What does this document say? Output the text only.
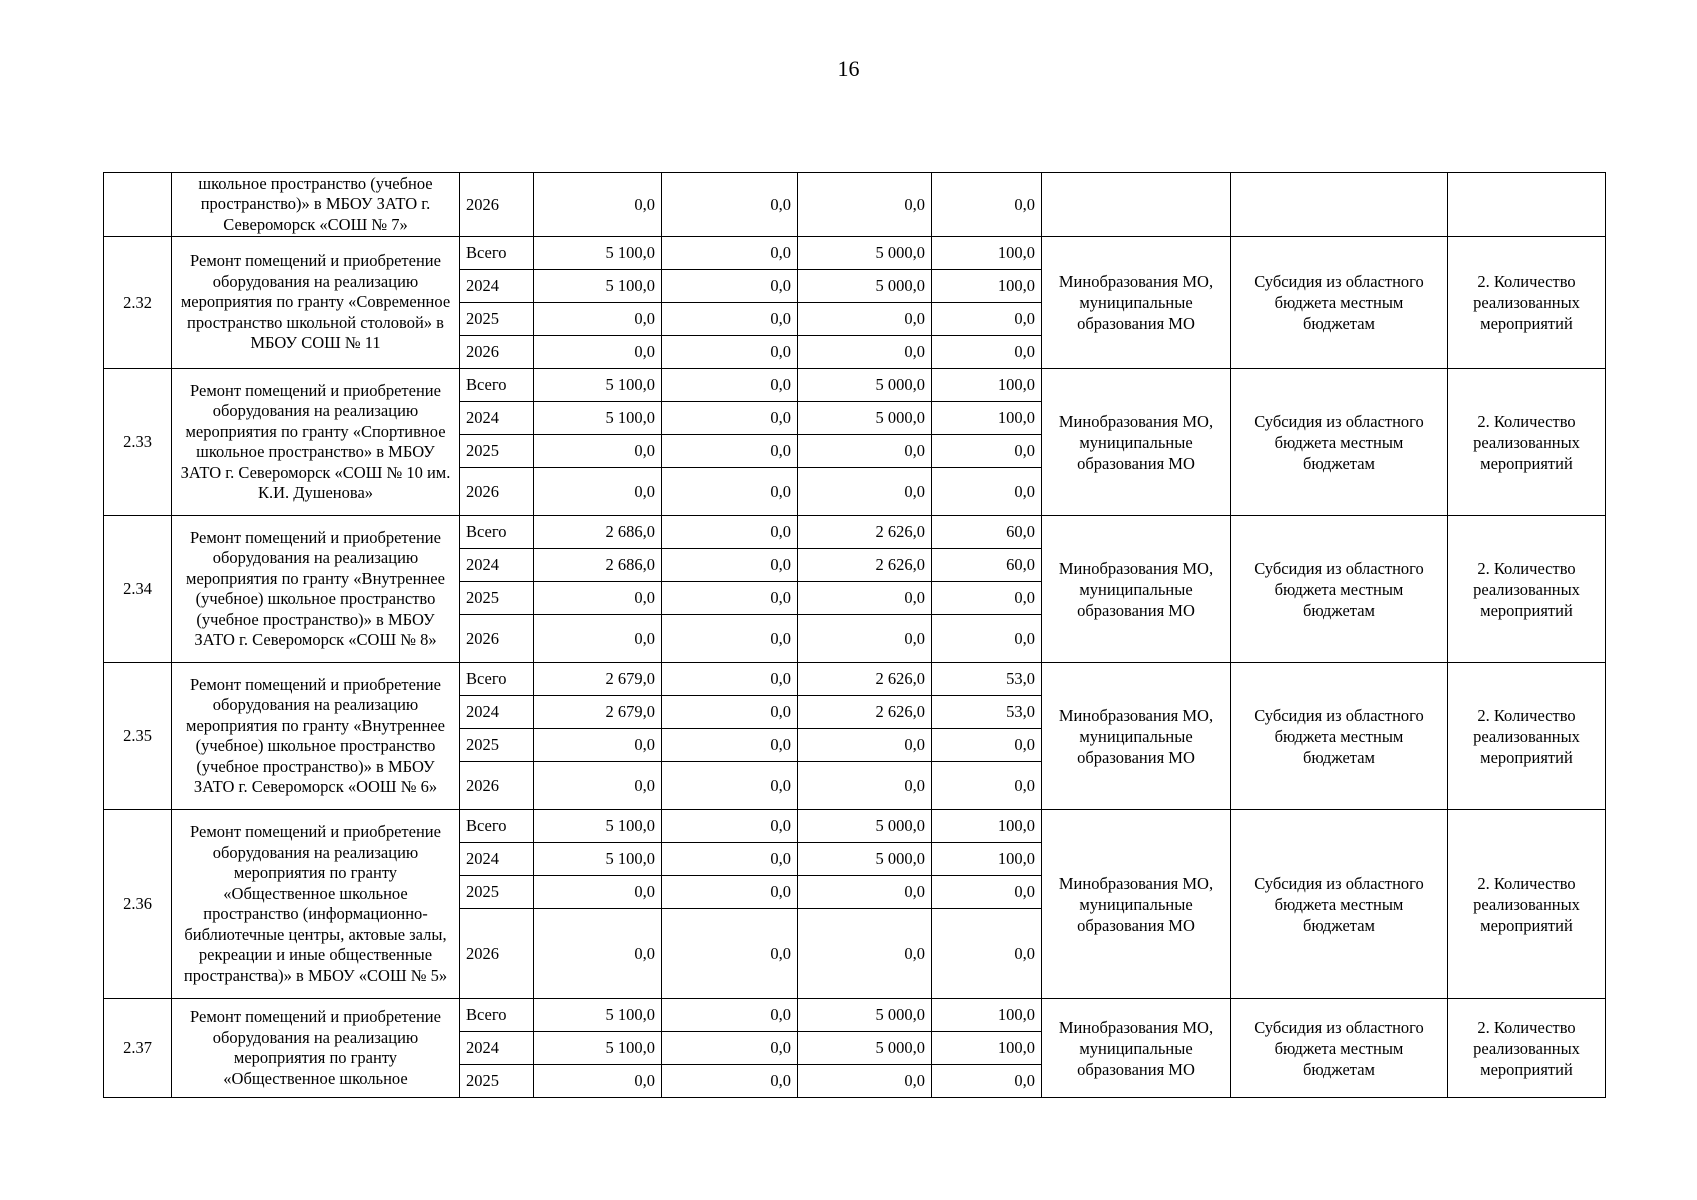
16
	школьное пространство (учебное пространство)» в МБОУ ЗАТО г. Североморск «СОШ № 7»	2026	0,0	0,0	0,0	0,0			
2.32	Ремонт помещений и приобретение оборудования на реализацию мероприятия по гранту «Современное пространство школьной столовой» в МБОУ СОШ № 11	Всего	5 100,0	0,0	5 000,0	100,0	Минобразования МО, муниципальные образования МО	Субсидия из областного бюджета местным бюджетам	2. Количество реализованных мероприятий
		2024	5 100,0	0,0	5 000,0	100,0			
		2025	0,0	0,0	0,0	0,0			
		2026	0,0	0,0	0,0	0,0			
2.33	Ремонт помещений и приобретение оборудования на реализацию мероприятия по гранту «Спортивное школьное пространство» в МБОУ ЗАТО г. Североморск «СОШ № 10 им. К.И. Душенова»	Всего	5 100,0	0,0	5 000,0	100,0	Минобразования МО, муниципальные образования МО	Субсидия из областного бюджета местным бюджетам	2. Количество реализованных мероприятий
		2024	5 100,0	0,0	5 000,0	100,0			
		2025	0,0	0,0	0,0	0,0			
		2026	0,0	0,0	0,0	0,0			
2.34	Ремонт помещений и приобретение оборудования на реализацию мероприятия по гранту «Внутреннее (учебное) школьное пространство (учебное пространство)» в МБОУ ЗАТО г. Североморск «СОШ № 8»	Всего	2 686,0	0,0	2 626,0	60,0	Минобразования МО, муниципальные образования МО	Субсидия из областного бюджета местным бюджетам	2. Количество реализованных мероприятий
		2024	2 686,0	0,0	2 626,0	60,0			
		2025	0,0	0,0	0,0	0,0			
		2026	0,0	0,0	0,0	0,0			
2.35	Ремонт помещений и приобретение оборудования на реализацию мероприятия по гранту «Внутреннее (учебное) школьное пространство (учебное пространство)» в МБОУ ЗАТО г. Североморск «ООШ № 6»	Всего	2 679,0	0,0	2 626,0	53,0	Минобразования МО, муниципальные образования МО	Субсидия из областного бюджета местным бюджетам	2. Количество реализованных мероприятий
		2024	2 679,0	0,0	2 626,0	53,0			
		2025	0,0	0,0	0,0	0,0			
		2026	0,0	0,0	0,0	0,0			
2.36	Ремонт помещений и приобретение оборудования на реализацию мероприятия по гранту «Общественное школьное пространство (информационно-библиотечные центры, актовые залы, рекреации и иные общественные пространства)» в МБОУ «СОШ № 5»	Всего	5 100,0	0,0	5 000,0	100,0	Минобразования МО, муниципальные образования МО	Субсидия из областного бюджета местным бюджетам	2. Количество реализованных мероприятий
		2024	5 100,0	0,0	5 000,0	100,0			
		2025	0,0	0,0	0,0	0,0			
		2026	0,0	0,0	0,0	0,0			
2.37	Ремонт помещений и приобретение оборудования на реализацию мероприятия по гранту «Общественное школьное	Всего	5 100,0	0,0	5 000,0	100,0	Минобразования МО, муниципальные образования МО	Субсидия из областного бюджета местным бюджетам	2. Количество реализованных мероприятий
		2024	5 100,0	0,0	5 000,0	100,0			
		2025	0,0	0,0	0,0	0,0			
